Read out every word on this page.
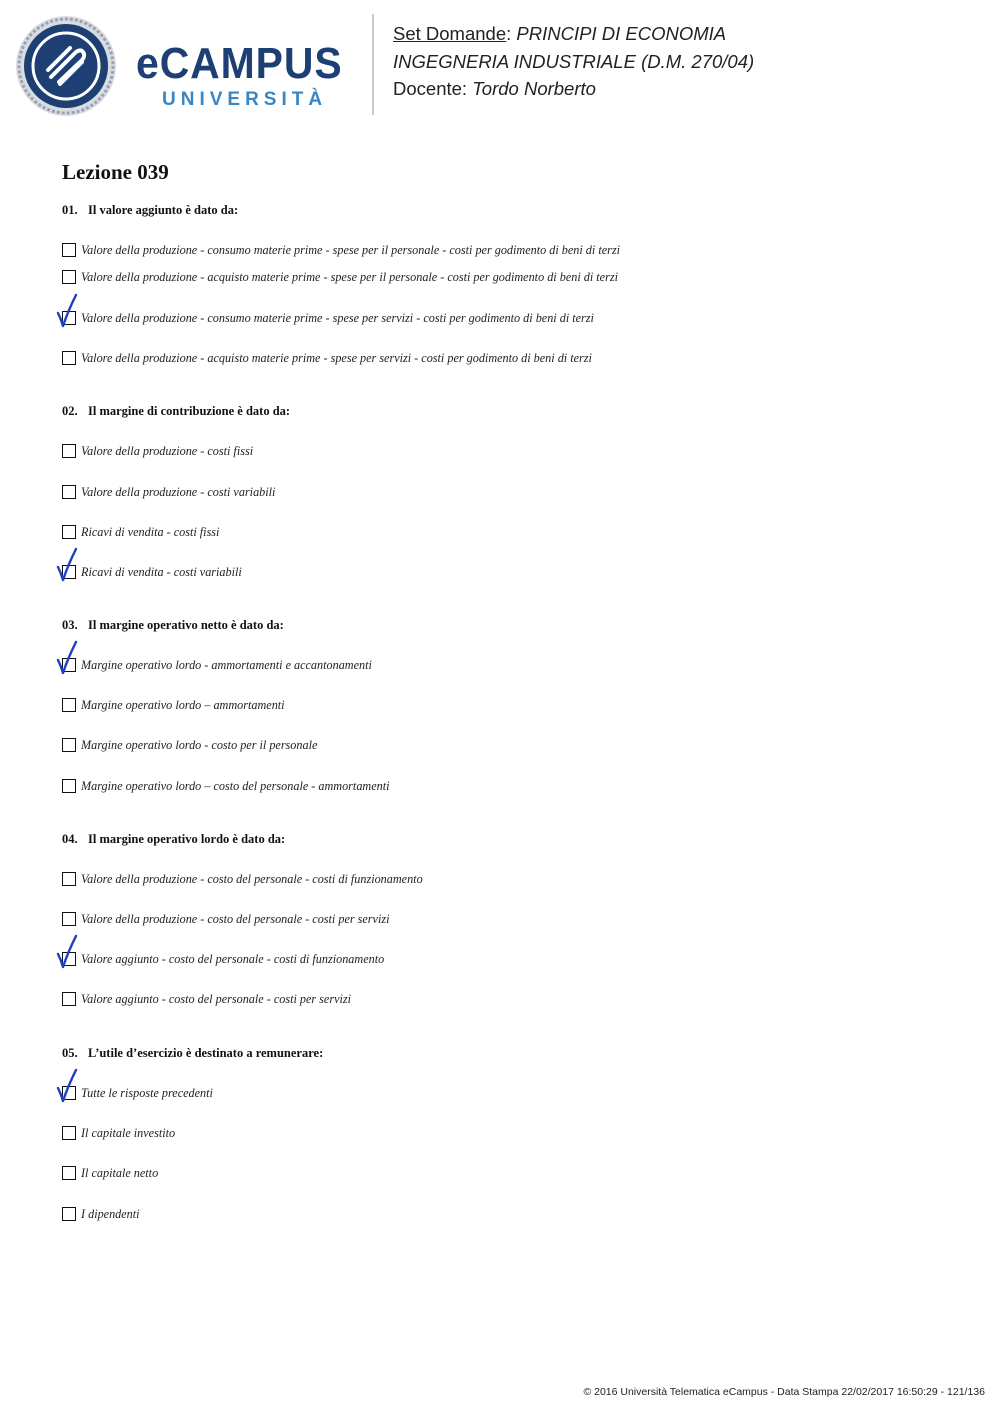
eCAMPUS
UNIVERSITÀ
Set Domande: PRINCIPI DI ECONOMIA
INGEGNERIA INDUSTRIALE (D.M. 270/04)
Docente: Tordo Norberto
Lezione 039
01. Il valore aggiunto è dato da:
Valore della produzione - consumo materie prime - spese per il personale - costi per godimento di beni di terzi
Valore della produzione - acquisto materie prime - spese per il personale - costi per godimento di beni di terzi
Valore della produzione - consumo materie prime - spese per servizi - costi per godimento di beni di terzi
Valore della produzione - acquisto materie prime - spese per servizi - costi per godimento di beni di terzi
02. Il margine di contribuzione è dato da:
Valore della produzione - costi fissi
Valore della produzione - costi variabili
Ricavi di vendita - costi fissi
Ricavi di vendita - costi variabili
03. Il margine operativo netto è dato da:
Margine operativo lordo - ammortamenti e accantonamenti
Margine operativo lordo – ammortamenti
Margine operativo lordo - costo per il personale
Margine operativo lordo – costo del personale - ammortamenti
04. Il margine operativo lordo è dato da:
Valore della produzione - costo del personale - costi di funzionamento
Valore della produzione - costo del personale - costi per servizi
Valore aggiunto - costo del personale - costi di funzionamento
Valore aggiunto - costo del personale - costi per servizi
05. L’utile d’esercizio è destinato a remunerare:
Tutte le risposte precedenti
Il capitale investito
Il capitale netto
I dipendenti
© 2016 Università Telematica eCampus - Data Stampa 22/02/2017 16:50:29 - 121/136
